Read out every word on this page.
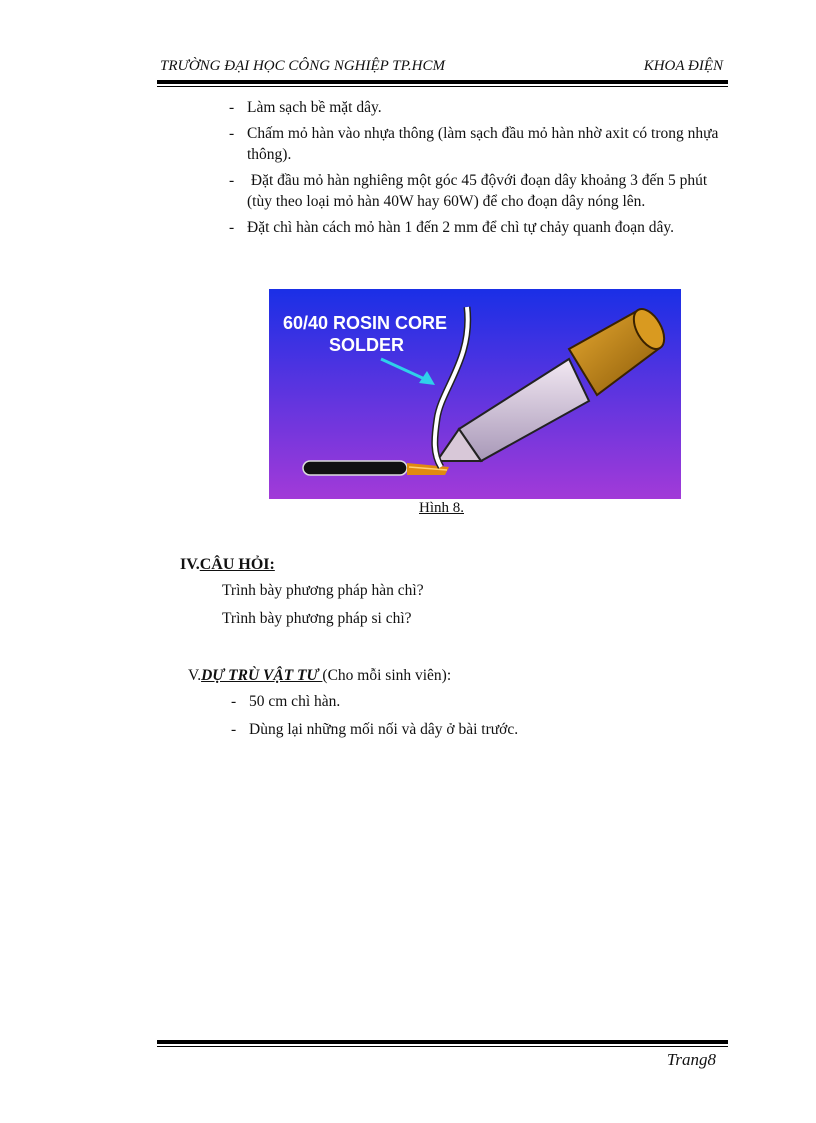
TRƯỜNG ĐẠI HỌC CÔNG NGHIỆP TP.HCM	KHOA ĐIỆN
- Làm sạch bề mặt dây.
- Chấm mỏ hàn vào nhựa thông (làm sạch đầu mỏ hàn nhờ axit có trong nhựa thông).
- Đặt đầu mỏ hàn nghiêng một góc 45 độvới đoạn dây khoảng 3 đến 5 phút (tùy theo loại mỏ hàn 40W hay 60W) để cho đoạn dây nóng lên.
- Đặt chì hàn cách mỏ hàn 1 đến 2 mm để chì tự chảy quanh đoạn dây.
60/40 ROSIN CORE
SOLDER
Hình 8.
IV.CÂU HỎI:
Trình bày phương pháp hàn chì?
Trình bày phương pháp si chì?
V.DỰ TRÙ VẬT TƯ (Cho mỗi sinh viên):
- 50 cm chì hàn.
- Dùng lại những mối nối và dây ở bài trước.
Trang8
